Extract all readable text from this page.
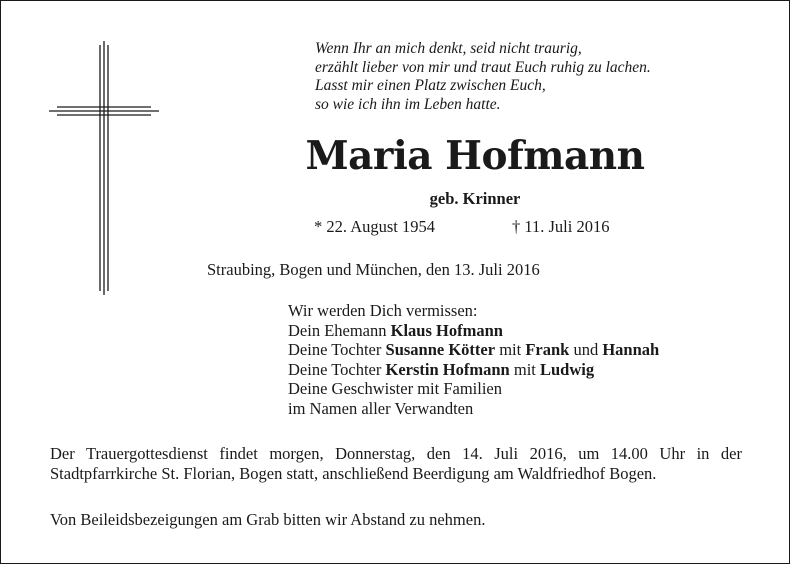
Wenn Ihr an mich denkt, seid nicht traurig,
erzählt lieber von mir und traut Euch ruhig zu lachen.
Lasst mir einen Platz zwischen Euch,
so wie ich ihn im Leben hatte.
Maria Hofmann
geb. Krinner
* 22. August 1954	† 11. Juli 2016
Straubing, Bogen und München, den 13. Juli 2016
Wir werden Dich vermissen:
Dein Ehemann Klaus Hofmann
Deine Tochter Susanne Kötter mit Frank und Hannah
Deine Tochter Kerstin Hofmann mit Ludwig
Deine Geschwister mit Familien
im Namen aller Verwandten
Der Trauergottesdienst findet morgen, Donnerstag, den 14. Juli 2016, um 14.00 Uhr in der Stadtpfarrkirche St. Florian, Bogen statt, anschließend Beerdigung am Waldfriedhof Bogen.
Von Beileidsbezeigungen am Grab bitten wir Abstand zu nehmen.
